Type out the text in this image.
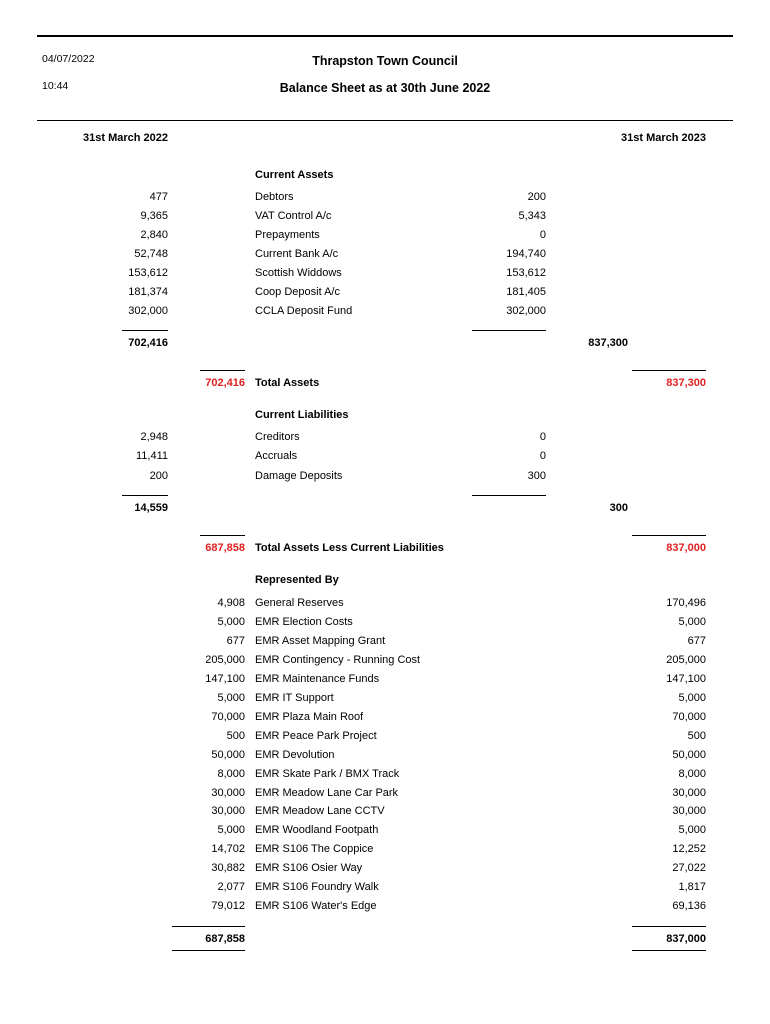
04/07/2022
10:44
Thrapston Town Council
Balance Sheet as at 30th June 2022
31st March 2022	31st March 2023
Current Assets
477	Debtors	200
9,365	VAT Control A/c	5,343
2,840	Prepayments	0
52,748	Current Bank A/c	194,740
153,612	Scottish Widdows	153,612
181,374	Coop Deposit A/c	181,405
302,000	CCLA Deposit Fund	302,000
702,416	837,300
702,416 Total Assets	837,300
Current Liabilities
2,948	Creditors	0
11,411	Accruals	0
200	Damage Deposits	300
14,559	300
687,858 Total Assets Less Current Liabilities	837,000
Represented By
4,908 General Reserves	170,496
5,000 EMR Election Costs	5,000
677 EMR Asset Mapping Grant	677
205,000 EMR Contingency - Running Cost	205,000
147,100 EMR Maintenance Funds	147,100
5,000 EMR IT Support	5,000
70,000 EMR Plaza Main Roof	70,000
500 EMR Peace Park Project	500
50,000 EMR Devolution	50,000
8,000 EMR Skate Park / BMX Track	8,000
30,000 EMR Meadow Lane Car Park	30,000
30,000 EMR Meadow Lane CCTV	30,000
5,000 EMR Woodland Footpath	5,000
14,702 EMR S106 The Coppice	12,252
30,882 EMR S106 Osier Way	27,022
2,077 EMR S106 Foundry Walk	1,817
79,012 EMR S106 Water's Edge	69,136
687,858	837,000
